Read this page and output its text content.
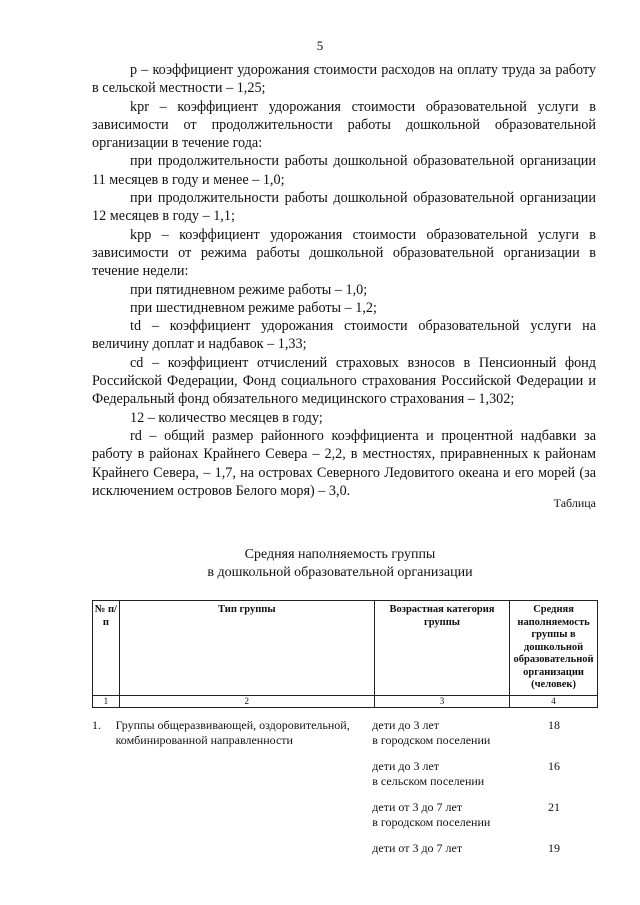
5

p – коэффициент удорожания стоимости расходов на оплату труда за работу в сельской местности – 1,25;

kpr – коэффициент удорожания стоимости образовательной услуги в зависимости от продолжительности работы дошкольной образовательной организации в течение года:

при продолжительности работы дошкольной образовательной организации 11 месяцев в году и менее – 1,0;

при продолжительности работы дошкольной образовательной организации 12 месяцев в году – 1,1;

kpp – коэффициент удорожания стоимости образовательной услуги в зависимости от режима работы дошкольной образовательной организации в течение недели:

при пятидневном режиме работы – 1,0;

при шестидневном режиме работы – 1,2;

td – коэффициент удорожания стоимости образовательной услуги на величину доплат и надбавок – 1,33;

cd – коэффициент отчислений страховых взносов в Пенсионный фонд Российской Федерации, Фонд социального страхования Российской Федерации и Федеральный фонд обязательного медицинского страхования – 1,302;

12 – количество месяцев в году;

rd – общий размер районного коэффициента и процентной надбавки за работу в районах Крайнего Севера – 2,2, в местностях, приравненных к районам Крайнего Севера, – 1,7, на островах Северного Ледовитого океана и его морей (за исключением островов Белого моря) – 3,0.

Таблица
Средняя наполняемость группы
в дошкольной образовательной организации
№ п/п	Тип группы	Возрастная категория группы	Средняя наполняемость группы в дошкольной образовательной организации (человек)
1	2	3	4
1.	Группы общеразвивающей, оздоровительной, комбинированной направленности	дети до 3 лет
в городском поселении	18

		дети до 3 лет
в сельском поселении	16

		дети от 3 до 7 лет
в городском поселении	21

		дети от 3 до 7 лет	19
